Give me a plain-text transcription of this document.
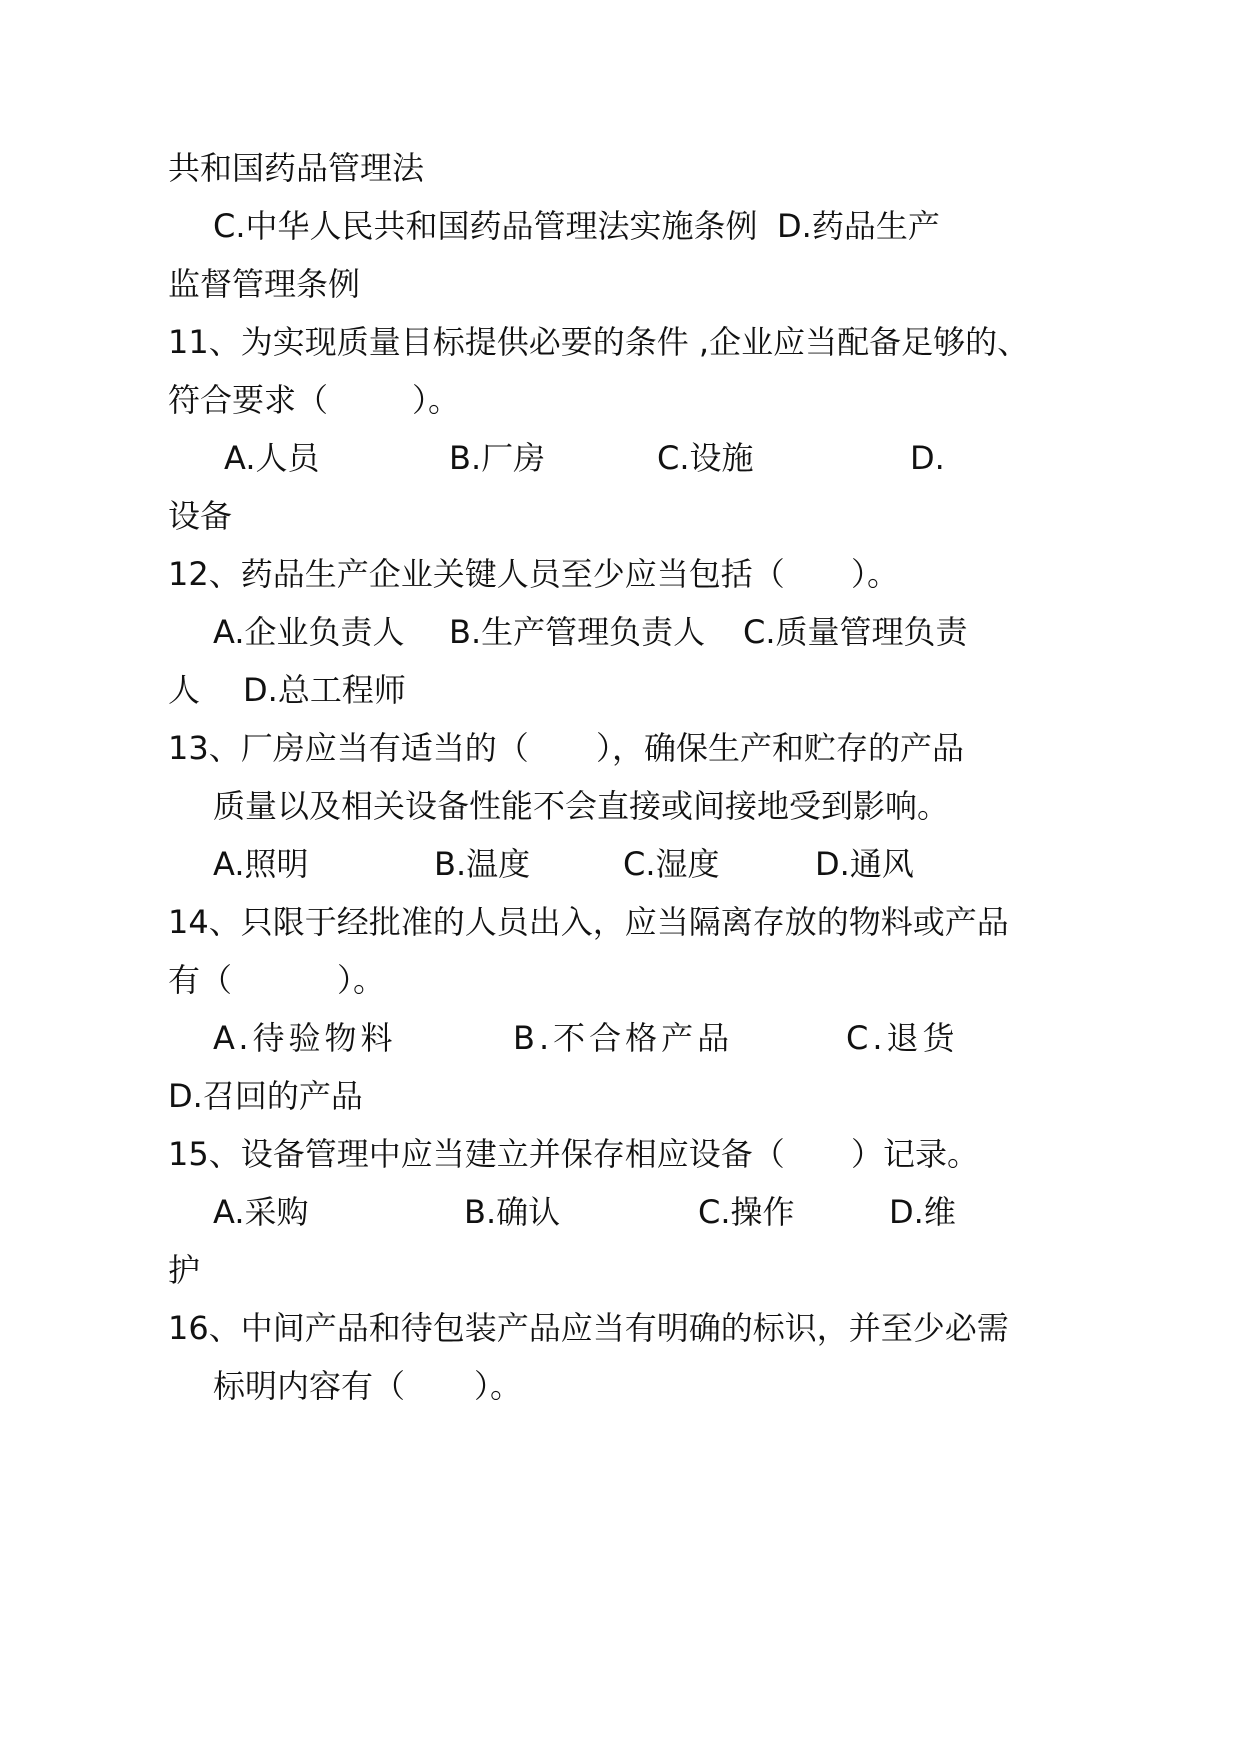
共和国药品管理法
C.中华人民共和国药品管理法实施条例 D.药品生产
监督管理条例
11、为实现质量目标提供必要的条件 ,企业应当配备足够的、
符合要求（	）。
A.人员	B.厂房	C.设施	D.
设备
12、药品生产企业关键人员至少应当包括（ ）。
A.企业负责人 B.生产管理负责人 C.质量管理负责
人 D.总工程师
13、厂房应当有适当的（ ），确保生产和贮存的产品
质量以及相关设备性能不会直接或间接地受到影响。
A.照明	B.温度	C.湿度	D.通风
14、只限于经批准的人员出入，应当隔离存放的物料或产品
有（	）。
A.待验物料	B.不合格产品	C.退货
D.召回的产品
15、设备管理中应当建立并保存相应设备（ ）记录。
A.采购	B.确认	C.操作	D.维
护
16、中间产品和待包装产品应当有明确的标识，并至少必需
标明内容有（ ）。
